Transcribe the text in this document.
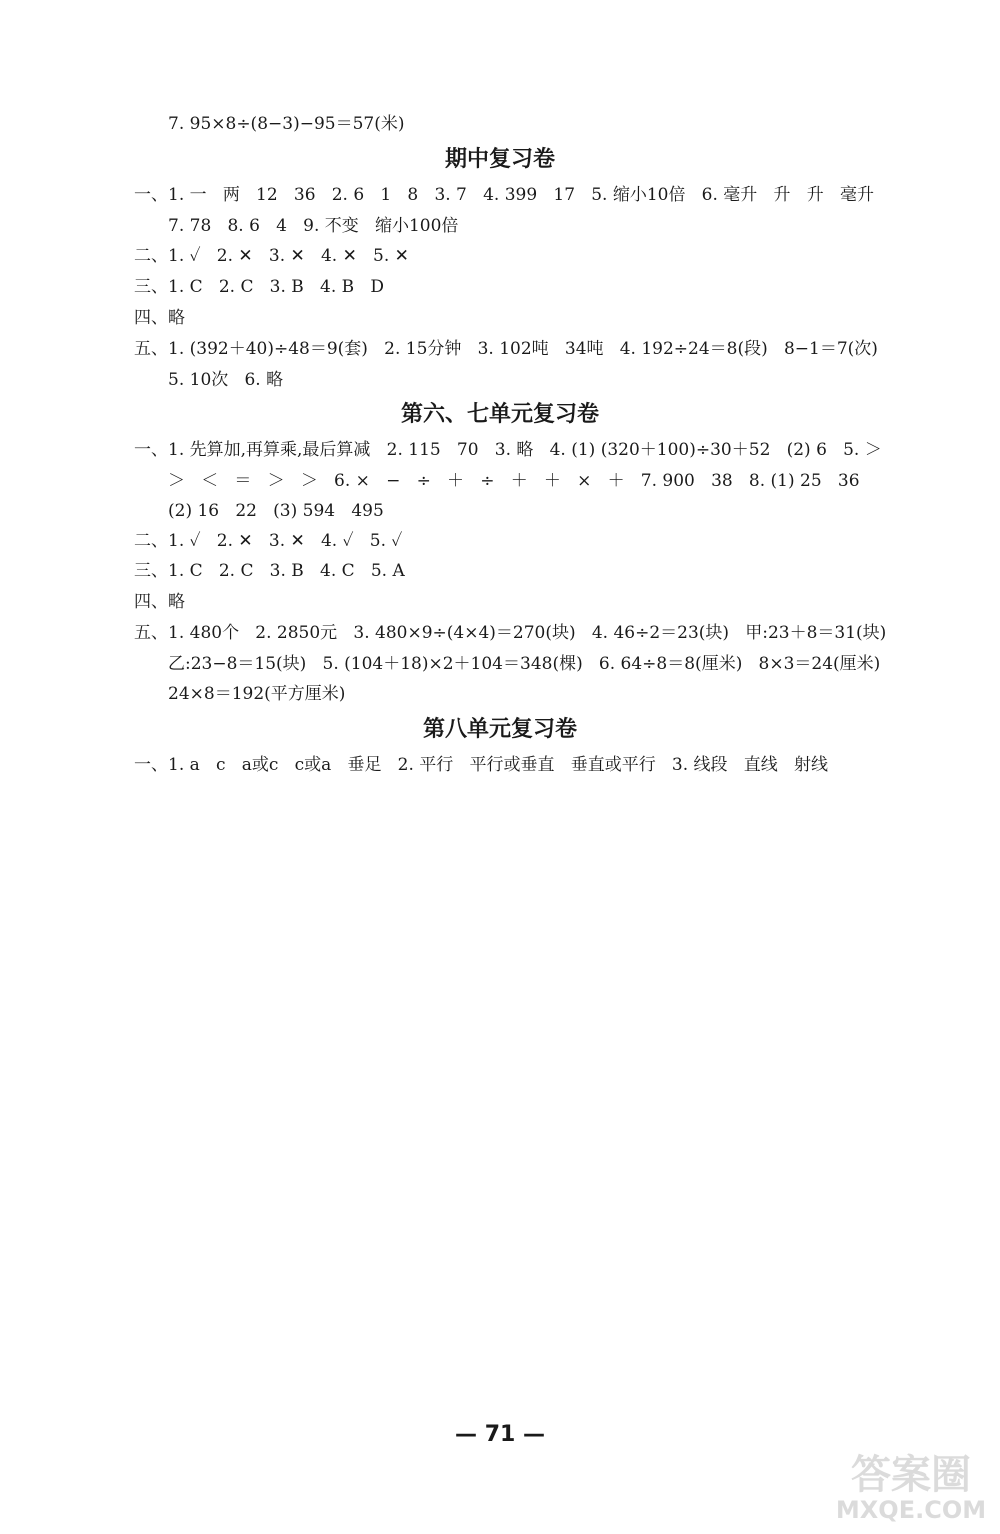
7. 95×8÷(8−3)−95＝57(米)
期中复习卷
一、1. 一   两   12   36   2. 6   1   8   3. 7   4. 399   17   5. 缩小10倍   6. 毫升   升   升   毫升
7. 78   8. 6   4   9. 不变   缩小100倍
二、1. ✓   2. ✕   3. ✕   4. ✕   5. ✕
三、1. C   2. C   3. B   4. B   D
四、略
五、1. (392＋40)÷48＝9(套)   2. 15分钟   3. 102吨   34吨   4. 192÷24＝8(段)   8−1＝7(次)
5. 10次   6. 略
第六、七单元复习卷
一、1. 先算加,再算乘,最后算减   2. 115   70   3. 略   4. (1) (320＋100)÷30＋52   (2) 6   5. ＞
＞   ＜   ＝   ＞   ＞   6. ×   −   ÷   ＋   ÷   ＋   ＋   ×   ＋   7. 900   38   8. (1) 25   36
(2) 16   22   (3) 594   495
二、1. ✓   2. ✕   3. ✕   4. ✓   5. ✓
三、1. C   2. C   3. B   4. C   5. A
四、略
五、1. 480个   2. 2850元   3. 480×9÷(4×4)＝270(块)   4. 46÷2＝23(块)   甲:23＋8＝31(块)
乙:23−8＝15(块)   5. (104＋18)×2＋104＝348(棵)   6. 64÷8＝8(厘米)   8×3＝24(厘米)
24×8＝192(平方厘米)
第八单元复习卷
一、1. a   c   a或c   c或a   垂足   2. 平行   平行或垂直   垂直或平行   3. 线段   直线   射线
— 71 —
答案圈
MXQE.COM
